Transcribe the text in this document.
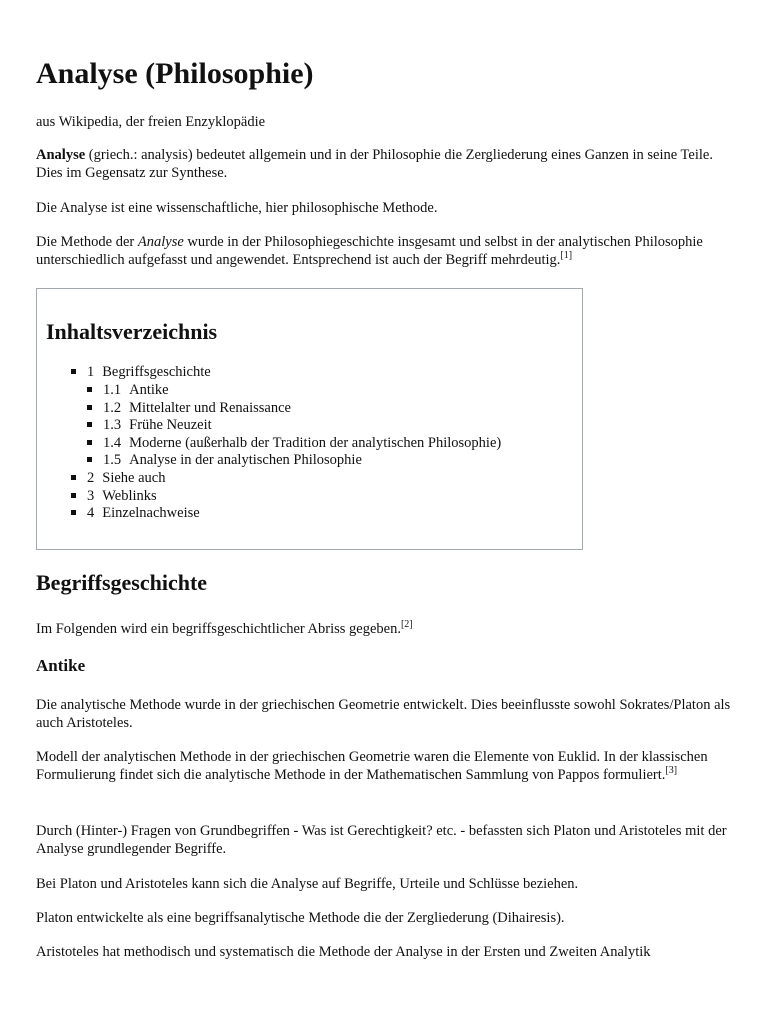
Analyse (Philosophie)

aus Wikipedia, der freien Enzyklopädie

Analyse (griech.: analysis) bedeutet allgemein und in der Philosophie die Zergliederung eines Ganzen in seine Teile. Dies im Gegensatz zur Synthese.

Die Analyse ist eine wissenschaftliche, hier philosophische Methode.

Die Methode der Analyse wurde in der Philosophiegeschichte insgesamt und selbst in der analytischen Philosophie unterschiedlich aufgefasst und angewendet. Entsprechend ist auch der Begriff mehrdeutig.[1]

Inhaltsverzeichnis
1 Begriffsgeschichte
1.1 Antike
1.2 Mittelalter und Renaissance
1.3 Frühe Neuzeit
1.4 Moderne (außerhalb der Tradition der analytischen Philosophie)
1.5 Analyse in der analytischen Philosophie
2 Siehe auch
3 Weblinks
4 Einzelnachweise
Begriffsgeschichte

Im Folgenden wird ein begriffsgeschichtlicher Abriss gegeben.[2]

Antike

Die analytische Methode wurde in der griechischen Geometrie entwickelt. Dies beeinflusste sowohl Sokrates/Platon als auch Aristoteles.

Modell der analytischen Methode in der griechischen Geometrie waren die Elemente von Euklid. In der klassischen Formulierung findet sich die analytische Methode in der Mathematischen Sammlung von Pappos formuliert.[3]

Durch (Hinter-) Fragen von Grundbegriffen - Was ist Gerechtigkeit? etc. - befassten sich Platon und Aristoteles mit der Analyse grundlegender Begriffe.

Bei Platon und Aristoteles kann sich die Analyse auf Begriffe, Urteile und Schlüsse beziehen.

Platon entwickelte als eine begriffsanalytische Methode die der Zergliederung (Dihairesis).

Aristoteles hat methodisch und systematisch die Methode der Analyse in der Ersten und Zweiten Analytik
